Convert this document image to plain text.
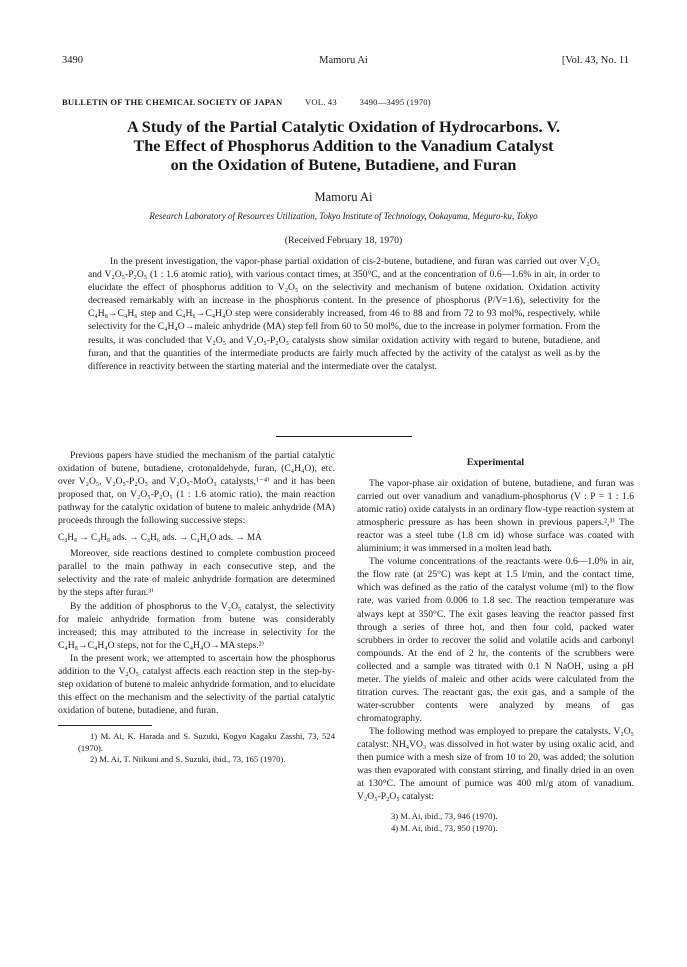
3490	Mamoru Ai	[Vol. 43, No. 11
BULLETIN OF THE CHEMICAL SOCIETY OF JAPAN	VOL. 43	3490—3495 (1970)
A Study of the Partial Catalytic Oxidation of Hydrocarbons. V.
The Effect of Phosphorus Addition to the Vanadium Catalyst
on the Oxidation of Butene, Butadiene, and Furan
Mamoru Ai
Research Laboratory of Resources Utilization, Tokyo Institute of Technology, Ookayama, Meguro-ku, Tokyo
(Received February 18, 1970)

In the present investigation, the vapor-phase partial oxidation of cis-2-butene, butadiene, and furan was carried out over V₂O₅ and V₂O₅-P₂O₅ (1 : 1.6 atomic ratio), with various contact times, at 350°C, and at the concentration of 0.6—1.6% in air, in order to elucidate the effect of phosphorus addition to V₂O₅ on the selectivity and mechanism of butene oxidation. Oxidation activity decreased remarkably with an increase in the phosphorus content. In the presence of phosphorus (P/V=1.6), selectivity for the C₄H₈→C₄H₆ step and C₄H₆→C₄H₄O step were considerably increased, from 46 to 88 and from 72 to 93 mol%, respectively, while selectivity for the C₄H₄O→maleic anhydride (MA) step fell from 60 to 50 mol%, due to the increase in polymer formation. From the results, it was concluded that V₂O₅ and V₂O₅-P₂O₅ catalysts show similar oxidation activity with regard to butene, butadiene, and furan, and that the quantities of the intermediate products are fairly much affected by the activity of the catalyst as well as by the difference in reactivity between the starting material and the intermediate over the catalyst.

Previous papers have studied the mechanism of the partial catalytic oxidation of butene, butadiene, crotonaldehyde, furan, (C₄H₄O), etc. over V₂O₅, V₂O₅-P₂O₅ and V₂O₅-MoO₃ catalysts,¹⁻⁴⁾ and it has been proposed that, on V₂O₅-P₂O₅ (1 : 1.6 atomic ratio), the main reaction pathway for the catalytic oxidation of butene to maleic anhydride (MA) proceeds through the following successive steps:

C₄H₈ → C₄H₈ ads. → C₄H₆ ads. → C₄H₄O ads. → MA

Moreover, side reactions destined to complete combustion proceed parallel to the main pathway in each consecutive step, and the selectivity and the rate of maleic anhydride formation are determined by the steps after furan.³⁾

By the addition of phosphorus to the V₂O₅ catalyst, the selectivity for maleic anhydride formation from butene was considerably increased; this may attributed to the increase in selectivity for the C₄H₈→C₄H₄O steps, not for the C₄H₄O→MA steps.²⁾

In the present work, we attempted to ascertain how the phosphorus addition to the V₂O₅ catalyst affects each reaction step in the step-by-step oxidation of butene to maleic anhydride formation, and to elucidate this effect on the mechanism and the selectivity of the partial catalytic oxidation of butene, butadiene, and furan.

1) M. Ai, K. Harada and S. Suzuki, Kogyo Kagaku Zasshi, 73, 524 (1970).

2) M. Ai, T. Niikuni and S. Suzuki, ibid., 73, 165 (1970).

Experimental

The vapor-phase air oxidation of butene, butadiene, and furan was carried out over vanadium and vanadium-phosphorus (V : P = 1 : 1.6 atomic ratio) oxide catalysts in an ordinary flow-type reaction system at atmospheric pressure as has been shown in previous papers.²,³⁾ The reactor was a steel tube (1.8 cm id) whose surface was coated with aluminium; it was immersed in a molten lead bath.

The volume concentrations of the reactants were 0.6—1.0% in air, the flow rate (at 25°C) was kept at 1.5 l/min, and the contact time, which was defined as the ratio of the catalyst volume (ml) to the flow rate, was varied from 0.006 to 1.8 sec. The reaction temperature was always kept at 350°C. The exit gases leaving the reactor passed first through a series of three hot, and then four cold, packed water scrubbers in order to recover the solid and volatile acids and carbonyl compounds. At the end of 2 hr, the contents of the scrubbers were collected and a sample was titrated with 0.1 N NaOH, using a pH meter. The yields of maleic and other acids were calculated from the titration curves. The reactant gas, the exit gas, and a sample of the water-scrubber contents were analyzed by means of gas chromatography.

The following method was employed to prepare the catalysts. V₂O₅ catalyst: NH₄VO₃ was dissolved in hot water by using oxalic acid, and then pumice with a mesh size of from 10 to 20, was added; the solution was then evaporated with constant stirring, and finally dried in an oven at 130°C. The amount of pumice was 400 ml/g atom of vanadium. V₂O₅-P₂O₅ catalyst:

3) M. Ai, ibid., 73, 946 (1970).

4) M. Ai, ibid., 73, 950 (1970).
